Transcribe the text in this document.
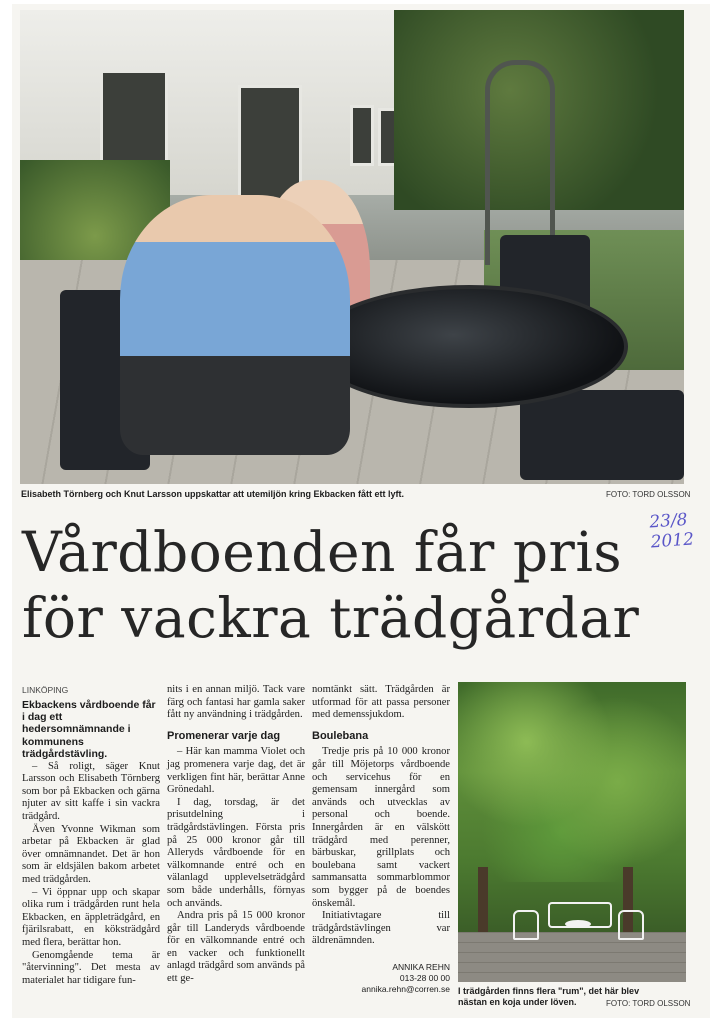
Elisabeth Törnberg och Knut Larsson uppskattar att utemiljön kring Ekbacken fått ett lyft.	FOTO: TORD OLSSON
23/8 2012
Vårdboenden får pris
för vackra trädgårdar
LINKÖPING

Ekbackens vårdboende får i dag ett hedersomnämnande i kommunens trädgårdstävling.

– Så roligt, säger Knut Larsson och Elisabeth Törnberg som bor på Ekbacken och gärna njuter av sitt kaffe i sin vackra trädgård.

Även Yvonne Wikman som arbetar på Ekbacken är glad över omnämnandet. Det är hon som är eldsjälen bakom arbetet med trädgården.

– Vi öppnar upp och skapar olika rum i trädgården runt hela Ekbacken, en äppleträdgård, en fjärilsrabatt, en köksträdgård med flera, berättar hon.

Genomgående tema är "återvinning". Det mesta av materialet har tidigare fun-

nits i en annan miljö. Tack vare färg och fantasi har gamla saker fått ny användning i trädgården.

Promenerar varje dag

– Här kan mamma Violet och jag promenera varje dag, det är verkligen fint här, berättar Anne Grönedahl.

I dag, torsdag, är det prisutdelning i trädgårdstävlingen. Första pris på 25 000 kronor går till Alleryds vårdboende för en välkomnande entré och en välanlagd upplevelseträdgård som både underhålls, förnyas och används.

Andra pris på 15 000 kronor går till Landeryds vårdboende för en välkomnande entré och en vacker och funktionellt anlagd trädgård som används på ett ge-

nomtänkt sätt. Trädgården är utformad för att passa personer med demenssjukdom.

Boulebana

Tredje pris på 10 000 kronor går till Möjetorps vårdboende och servicehus för en gemensam innergård som används och utvecklas av personal och boende. Innergården är en välskött trädgård med perenner, bärbuskar, grillplats och boulebana samt vackert sammansatta sommarblommor som bygger på de boendes önskemål.

Initiativtagare till trädgårdstävlingen var äldrenämnden.

ANNIKA REHN
013-28 00 00
annika.rehn@corren.se I trädgården finns flera "rum", det här blev nästan en koja under löven.	FOTO: TORD OLSSON
